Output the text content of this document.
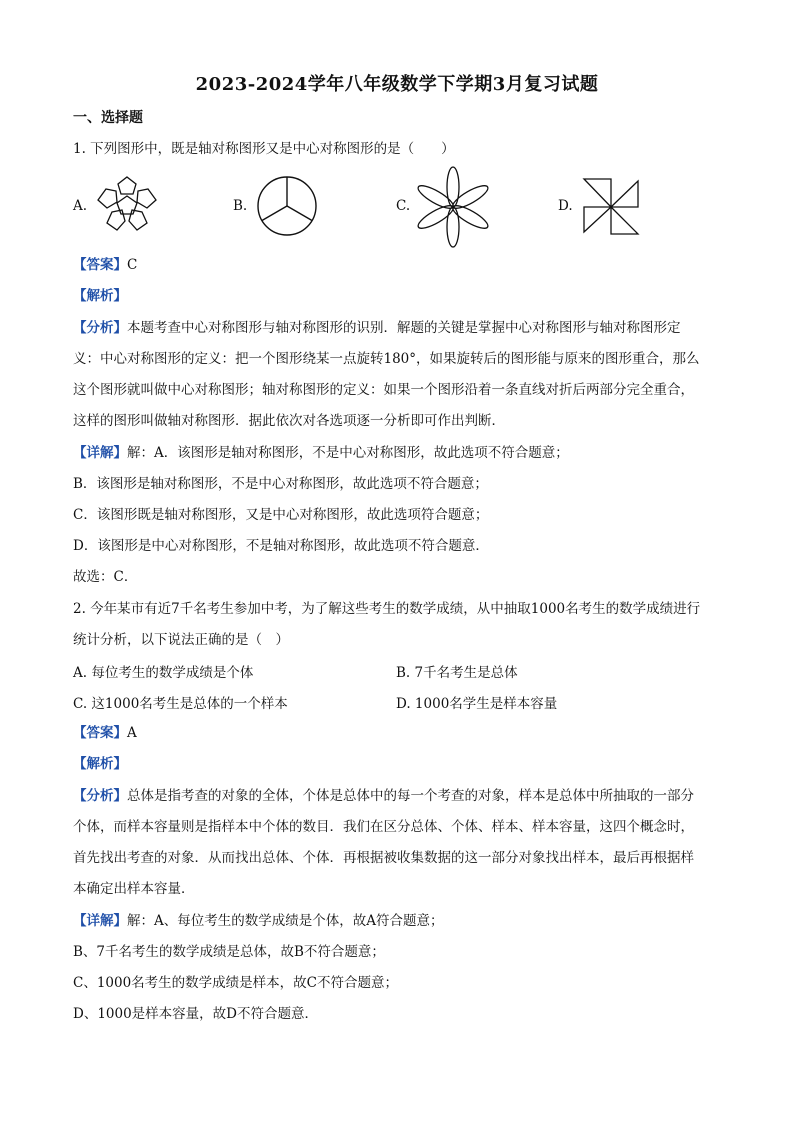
2023-2024学年八年级数学下学期3月复习试题
一、选择题
1. 下列图形中，既是轴对称图形又是中心对称图形的是（　　）
A.	B.	C.	D.
【答案】C
【解析】
【分析】本题考查中心对称图形与轴对称图形的识别．解题的关键是掌握中心对称图形与轴对称图形定
义：中心对称图形的定义：把一个图形绕某一点旋转180°，如果旋转后的图形能与原来的图形重合，那么
这个图形就叫做中心对称图形；轴对称图形的定义：如果一个图形沿着一条直线对折后两部分完全重合，
这样的图形叫做轴对称图形．据此依次对各选项逐一分析即可作出判断．
【详解】解：A．该图形是轴对称图形，不是中心对称图形，故此选项不符合题意；
B．该图形是轴对称图形，不是中心对称图形，故此选项不符合题意；
C．该图形既是轴对称图形，又是中心对称图形，故此选项符合题意；
D．该图形是中心对称图形，不是轴对称图形，故此选项不符合题意．
故选：C．
2. 今年某市有近7千名考生参加中考，为了解这些考生的数学成绩，从中抽取1000名考生的数学成绩进行
统计分析，以下说法正确的是（　）
A. 每位考生的数学成绩是个体	B. 7千名考生是总体
C. 这1000名考生是总体的一个样本	D. 1000名学生是样本容量
【答案】A
【解析】
【分析】总体是指考查的对象的全体，个体是总体中的每一个考查的对象，样本是总体中所抽取的一部分
个体，而样本容量则是指样本中个体的数目．我们在区分总体、个体、样本、样本容量，这四个概念时，
首先找出考查的对象．从而找出总体、个体．再根据被收集数据的这一部分对象找出样本，最后再根据样
本确定出样本容量．
【详解】解：A、每位考生的数学成绩是个体，故A符合题意；
B、7千名考生的数学成绩是总体，故B不符合题意；
C、1000名考生的数学成绩是样本，故C不符合题意；
D、1000是样本容量，故D不符合题意．
